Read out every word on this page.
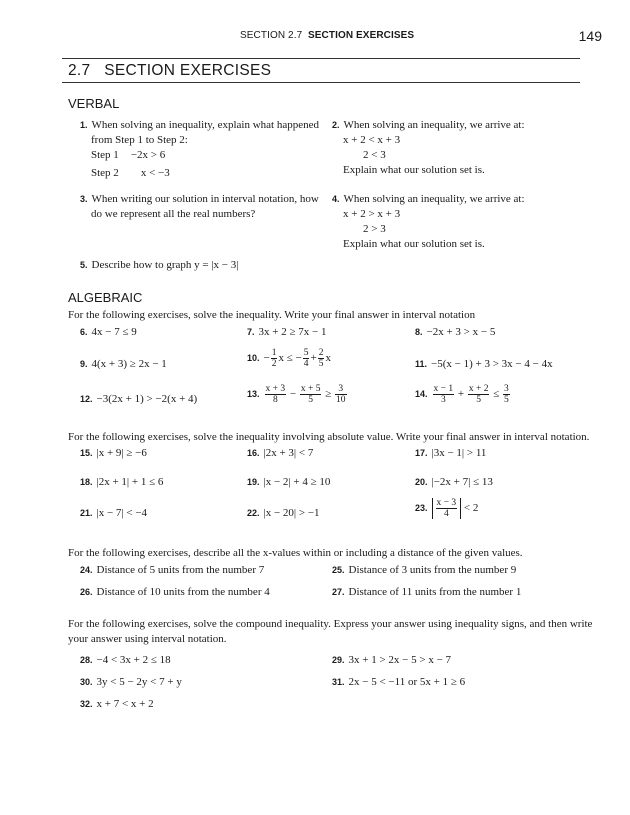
SECTION 2.7 SECTION EXERCISES	149
2.7   SECTION EXERCISES
VERBAL
1. When solving an inequality, explain what happened
from Step 1 to Step 2:
Step 1 −2x > 6
Step 2 x < −3
2. When solving an inequality, we arrive at:
x + 2 < x + 3
2 < 3
Explain what our solution set is.
3. When writing our solution in interval notation, how
do we represent all the real numbers?
4. When solving an inequality, we arrive at:
x + 2 > x + 3
2 > 3
Explain what our solution set is.
5. Describe how to graph y = |x − 3|
ALGEBRAIC
For the following exercises, solve the inequality. Write your final answer in interval notation
6. 4x − 7 ≤ 9	7. 3x + 2 ≥ 7x − 1	8. −2x + 3 > x − 5
9. 4(x + 3) ≥ 2x − 1	10. − $\frac{1}{2}$ x ≤ − $\frac{5}{4} + \frac{2}{5}$ x	11. −5(x − 1) + 3 > 3x − 4 − 4x
12. −3(2x + 1) > −2(x + 4)	13. $\frac{x + 3}{8} - \frac{x + 5}{5} \ge \frac{3}{10}$	14. $\frac{x - 1}{3} + \frac{x + 2}{5} \le \frac{3}{5}$
For the following exercises, solve the inequality involving absolute value. Write your final answer in interval notation.
15. |x + 9| ≥ −6	16. |2x + 3| < 7	17. |3x − 1| > 11
18. |2x + 1| + 1 ≤ 6	19. |x − 2| + 4 ≥ 10	20. |−2x + 7| ≤ 13
21. |x − 7| < −4	22. |x − 20| > −1	23. $\frac{x - 3}{4} < 2$
For the following exercises, describe all the x-values within or including a distance of the given values.
24. Distance of 5 units from the number 7	25. Distance of 3 units from the number 9
26. Distance of 10 units from the number 4	27. Distance of 11 units from the number 1
For the following exercises, solve the compound inequality. Express your answer using inequality signs, and then write
your answer using interval notation.
28. −4 < 3x + 2 ≤ 18	29. 3x + 1 > 2x − 5 > x − 7
30. 3y < 5 − 2y < 7 + y	31. 2x − 5 < −11 or 5x + 1 ≥ 6
32. x + 7 < x + 2
